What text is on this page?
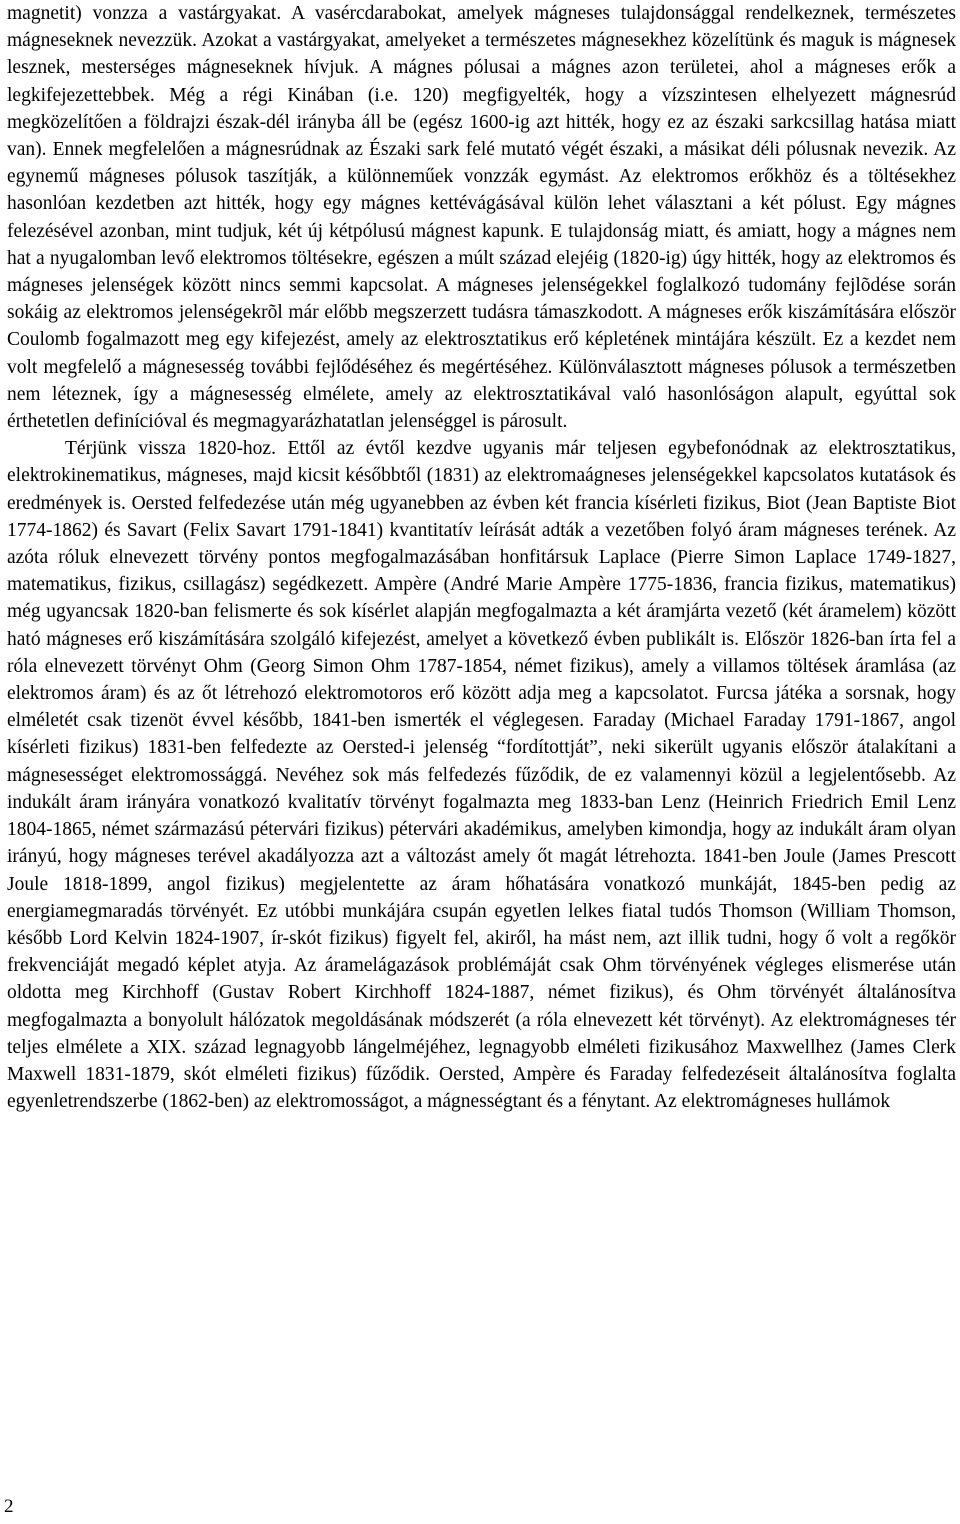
magnetit) vonzza a vastárgyakat. A vasércdarabokat, amelyek mágneses tulajdonsággal rendelkeznek, természetes mágneseknek nevezzük. Azokat a vastárgyakat, amelyeket a természetes mágnesekhez közelítünk és maguk is mágnesek lesznek, mesterséges mágneseknek hívjuk. A mágnes pólusai a mágnes azon területei, ahol a mágneses erők a legkifejezettebbek. Még a régi Kinában (i.e. 120) megfigyelték, hogy a vízszintesen elhelyezett mágnesrúd megközelítően a földrajzi észak-dél irányba áll be (egész 1600-ig azt hitték, hogy ez az északi sarkcsillag hatása miatt van). Ennek megfelelően a mágnesrúdnak az Északi sark felé mutató végét északi, a másikat déli pólusnak nevezik. Az egynemű mágneses pólusok taszítják, a különneműek vonzzák egymást. Az elektromos erőkhöz és a töltésekhez hasonlóan kezdetben azt hitték, hogy egy mágnes kettévágásával külön lehet választani a két pólust. Egy mágnes felezésével azonban, mint tudjuk, két új kétpólusú mágnest kapunk. E tulajdonság miatt, és amiatt, hogy a mágnes nem hat a nyugalomban levő elektromos töltésekre, egészen a múlt század elejéig (1820-ig) úgy hitték, hogy az elektromos és mágneses jelenségek között nincs semmi kapcsolat. A mágneses jelenségekkel foglalkozó tudomány fejlõdése során sokáig az elektromos jelenségekrõl már előbb megszerzett tudásra támaszkodott. A mágneses erők kiszámítására először Coulomb fogalmazott meg egy kifejezést, amely az elektrosztatikus erő képletének mintájára készült. Ez a kezdet nem volt megfelelő a mágnesesség további fejlődéséhez és megértéséhez. Különválasztott mágneses pólusok a természetben nem léteznek, így a mágnesesség elmélete, amely az elektrosztatikával való hasonlóságon alapult, egyúttal sok érthetetlen definícióval és megmagyarázhatatlan jelenséggel is párosult.

Térjünk vissza 1820-hoz. Ettől az évtől kezdve ugyanis már teljesen egybefonódnak az elektrosztatikus, elektrokinematikus, mágneses, majd kicsit későbbtől (1831) az elektromaágneses jelenségekkel kapcsolatos kutatások és eredmények is. Oersted felfedezése után még ugyanebben az évben két francia kísérleti fizikus, Biot (Jean Baptiste Biot 1774-1862) és Savart (Felix Savart 1791-1841) kvantitatív leírását adták a vezetőben folyó áram mágneses terének. Az azóta róluk elnevezett törvény pontos megfogalmazásában honfitársuk Laplace (Pierre Simon Laplace 1749-1827, matematikus, fizikus, csillagász) segédkezett. Ampère (André Marie Ampère 1775-1836, francia fizikus, matematikus) még ugyancsak 1820-ban felismerte és sok kísérlet alapján megfogalmazta a két áramjárta vezető (két áramelem) között ható mágneses erő kiszámítására szolgáló kifejezést, amelyet a következő évben publikált is. Először 1826-ban írta fel a róla elnevezett törvényt Ohm (Georg Simon Ohm 1787-1854, német fizikus), amely a villamos töltések áramlása (az elektromos áram) és az őt létrehozó elektromotoros erő között adja meg a kapcsolatot. Furcsa játéka a sorsnak, hogy elméletét csak tizenöt évvel később, 1841-ben ismerték el véglegesen. Faraday (Michael Faraday 1791-1867, angol kísérleti fizikus) 1831-ben felfedezte az Oersted-i jelenség “fordítottját”, neki sikerült ugyanis először átalakítani a mágnesességet elektromossággá. Nevéhez sok más felfedezés fűződik, de ez valamennyi közül a legjelentősebb. Az indukált áram irányára vonatkozó kvalitatív törvényt fogalmazta meg 1833-ban Lenz (Heinrich Friedrich Emil Lenz 1804-1865, német származású pétervári fizikus) pétervári akadémikus, amelyben kimondja, hogy az indukált áram olyan irányú, hogy mágneses terével akadályozza azt a változást amely őt magát létrehozta. 1841-ben Joule (James Prescott Joule 1818-1899, angol fizikus) megjelentette az áram hőhatására vonatkozó munkáját, 1845-ben pedig az energiamegmaradás törvényét. Ez utóbbi munkájára csupán egyetlen lelkes fiatal tudós Thomson (William Thomson, később Lord Kelvin 1824-1907, ír-skót fizikus) figyelt fel, akiről, ha mást nem, azt illik tudni, hogy ő volt a regőkör frekvenciáját megadó képlet atyja. Az áramelágazások problémáját csak Ohm törvényének végleges elismerése után oldotta meg Kirchhoff (Gustav Robert Kirchhoff 1824-1887, német fizikus), és Ohm törvényét általánosítva megfogalmazta a bonyolult hálózatok megoldásának módszerét (a róla elnevezett két törvényt). Az elektromágneses tér teljes elmélete a XIX. század legnagyobb lángelméjéhez, legnagyobb elméleti fizikusához Maxwellhez (James Clerk Maxwell 1831-1879, skót elméleti fizikus) fűződik. Oersted, Ampère és Faraday felfedezéseit általánosítva foglalta egyenletrendszerbe (1862-ben) az elektromosságot, a mágnességtant és a fénytant. Az elektromágneses hullámok

2
